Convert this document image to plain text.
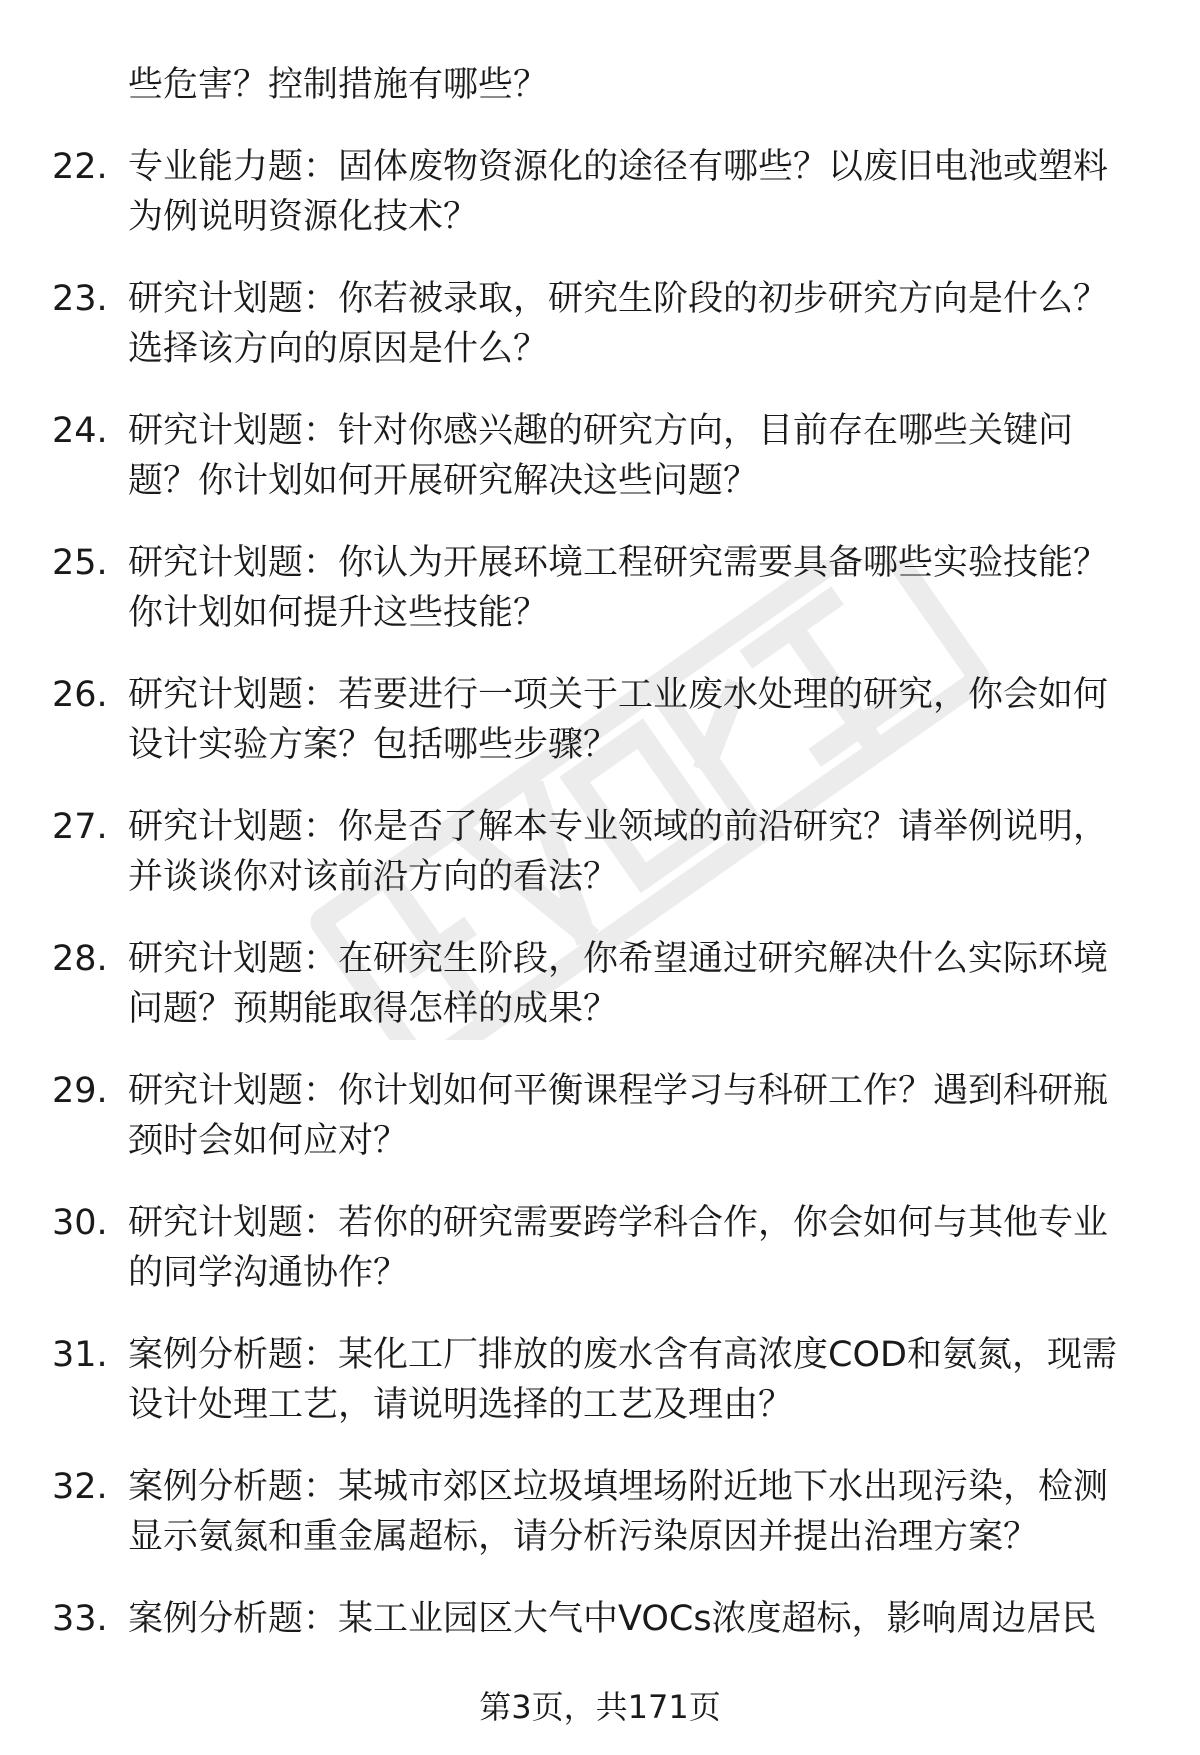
些危害？控制措施有哪些？
22. 专业能力题：固体废物资源化的途径有哪些？以废旧电池或塑料
为例说明资源化技术？
23. 研究计划题：你若被录取，研究生阶段的初步研究方向是什么？
选择该方向的原因是什么？
24. 研究计划题：针对你感兴趣的研究方向，目前存在哪些关键问
题？你计划如何开展研究解决这些问题？
25. 研究计划题：你认为开展环境工程研究需要具备哪些实验技能？
你计划如何提升这些技能？
26. 研究计划题：若要进行一项关于工业废水处理的研究，你会如何
设计实验方案？包括哪些步骤？
27. 研究计划题：你是否了解本专业领域的前沿研究？请举例说明，
并谈谈你对该前沿方向的看法？
28. 研究计划题：在研究生阶段，你希望通过研究解决什么实际环境
问题？预期能取得怎样的成果？
29. 研究计划题：你计划如何平衡课程学习与科研工作？遇到科研瓶
颈时会如何应对？
30. 研究计划题：若你的研究需要跨学科合作，你会如何与其他专业
的同学沟通协作？
31. 案例分析题：某化工厂排放的废水含有高浓度COD和氨氮，现需
设计处理工艺，请说明选择的工艺及理由？
32. 案例分析题：某城市郊区垃圾填埋场附近地下水出现污染，检测
显示氨氮和重金属超标，请分析污染原因并提出治理方案？
33. 案例分析题：某工业园区大气中VOCs浓度超标，影响周边居民
第3页，共171页
